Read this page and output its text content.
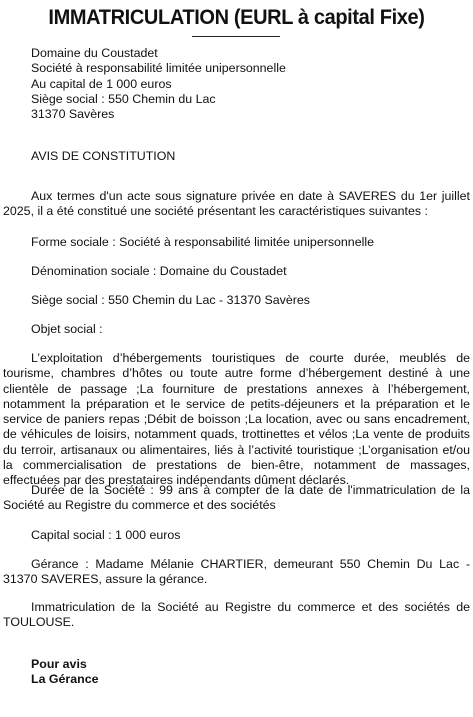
IMMATRICULATION (EURL à capital Fixe)
Domaine du Coustadet
Société à responsabilité limitée unipersonnelle
Au capital de 1 000 euros
Siège social : 550 Chemin du Lac
31370 Savères
AVIS DE CONSTITUTION
Aux termes d'un acte sous signature privée en date à SAVERES du 1er juillet 2025, il a été constitué une société présentant les caractéristiques suivantes :
Forme sociale : Société à responsabilité limitée unipersonnelle
Dénomination sociale : Domaine du Coustadet
Siège social : 550 Chemin du Lac - 31370 Savères
Objet social :
L’exploitation d’hébergements touristiques de courte durée, meublés de tourisme, chambres d’hôtes ou toute autre forme d’hébergement destiné à une clientèle de passage ;La fourniture de prestations annexes à l’hébergement, notamment la préparation et le service de petits-déjeuners et la préparation et le service de paniers repas ;Débit de boisson ;La location, avec ou sans encadrement, de véhicules de loisirs, notamment quads, trottinettes et vélos ;La vente de produits du terroir, artisanaux ou alimentaires, liés à l’activité touristique ;L’organisation et/ou la commercialisation de prestations de bien-être, notamment de massages, effectuées par des prestataires indépendants dûment déclarés.
Durée de la Société : 99 ans à compter de la date de l'immatriculation de la Société au Registre du commerce et des sociétés
Capital social : 1 000 euros
Gérance : Madame Mélanie CHARTIER, demeurant 550 Chemin Du Lac - 31370 SAVERES, assure la gérance.
Immatriculation de la Société au Registre du commerce et des sociétés de TOULOUSE.
Pour avis
La Gérance
